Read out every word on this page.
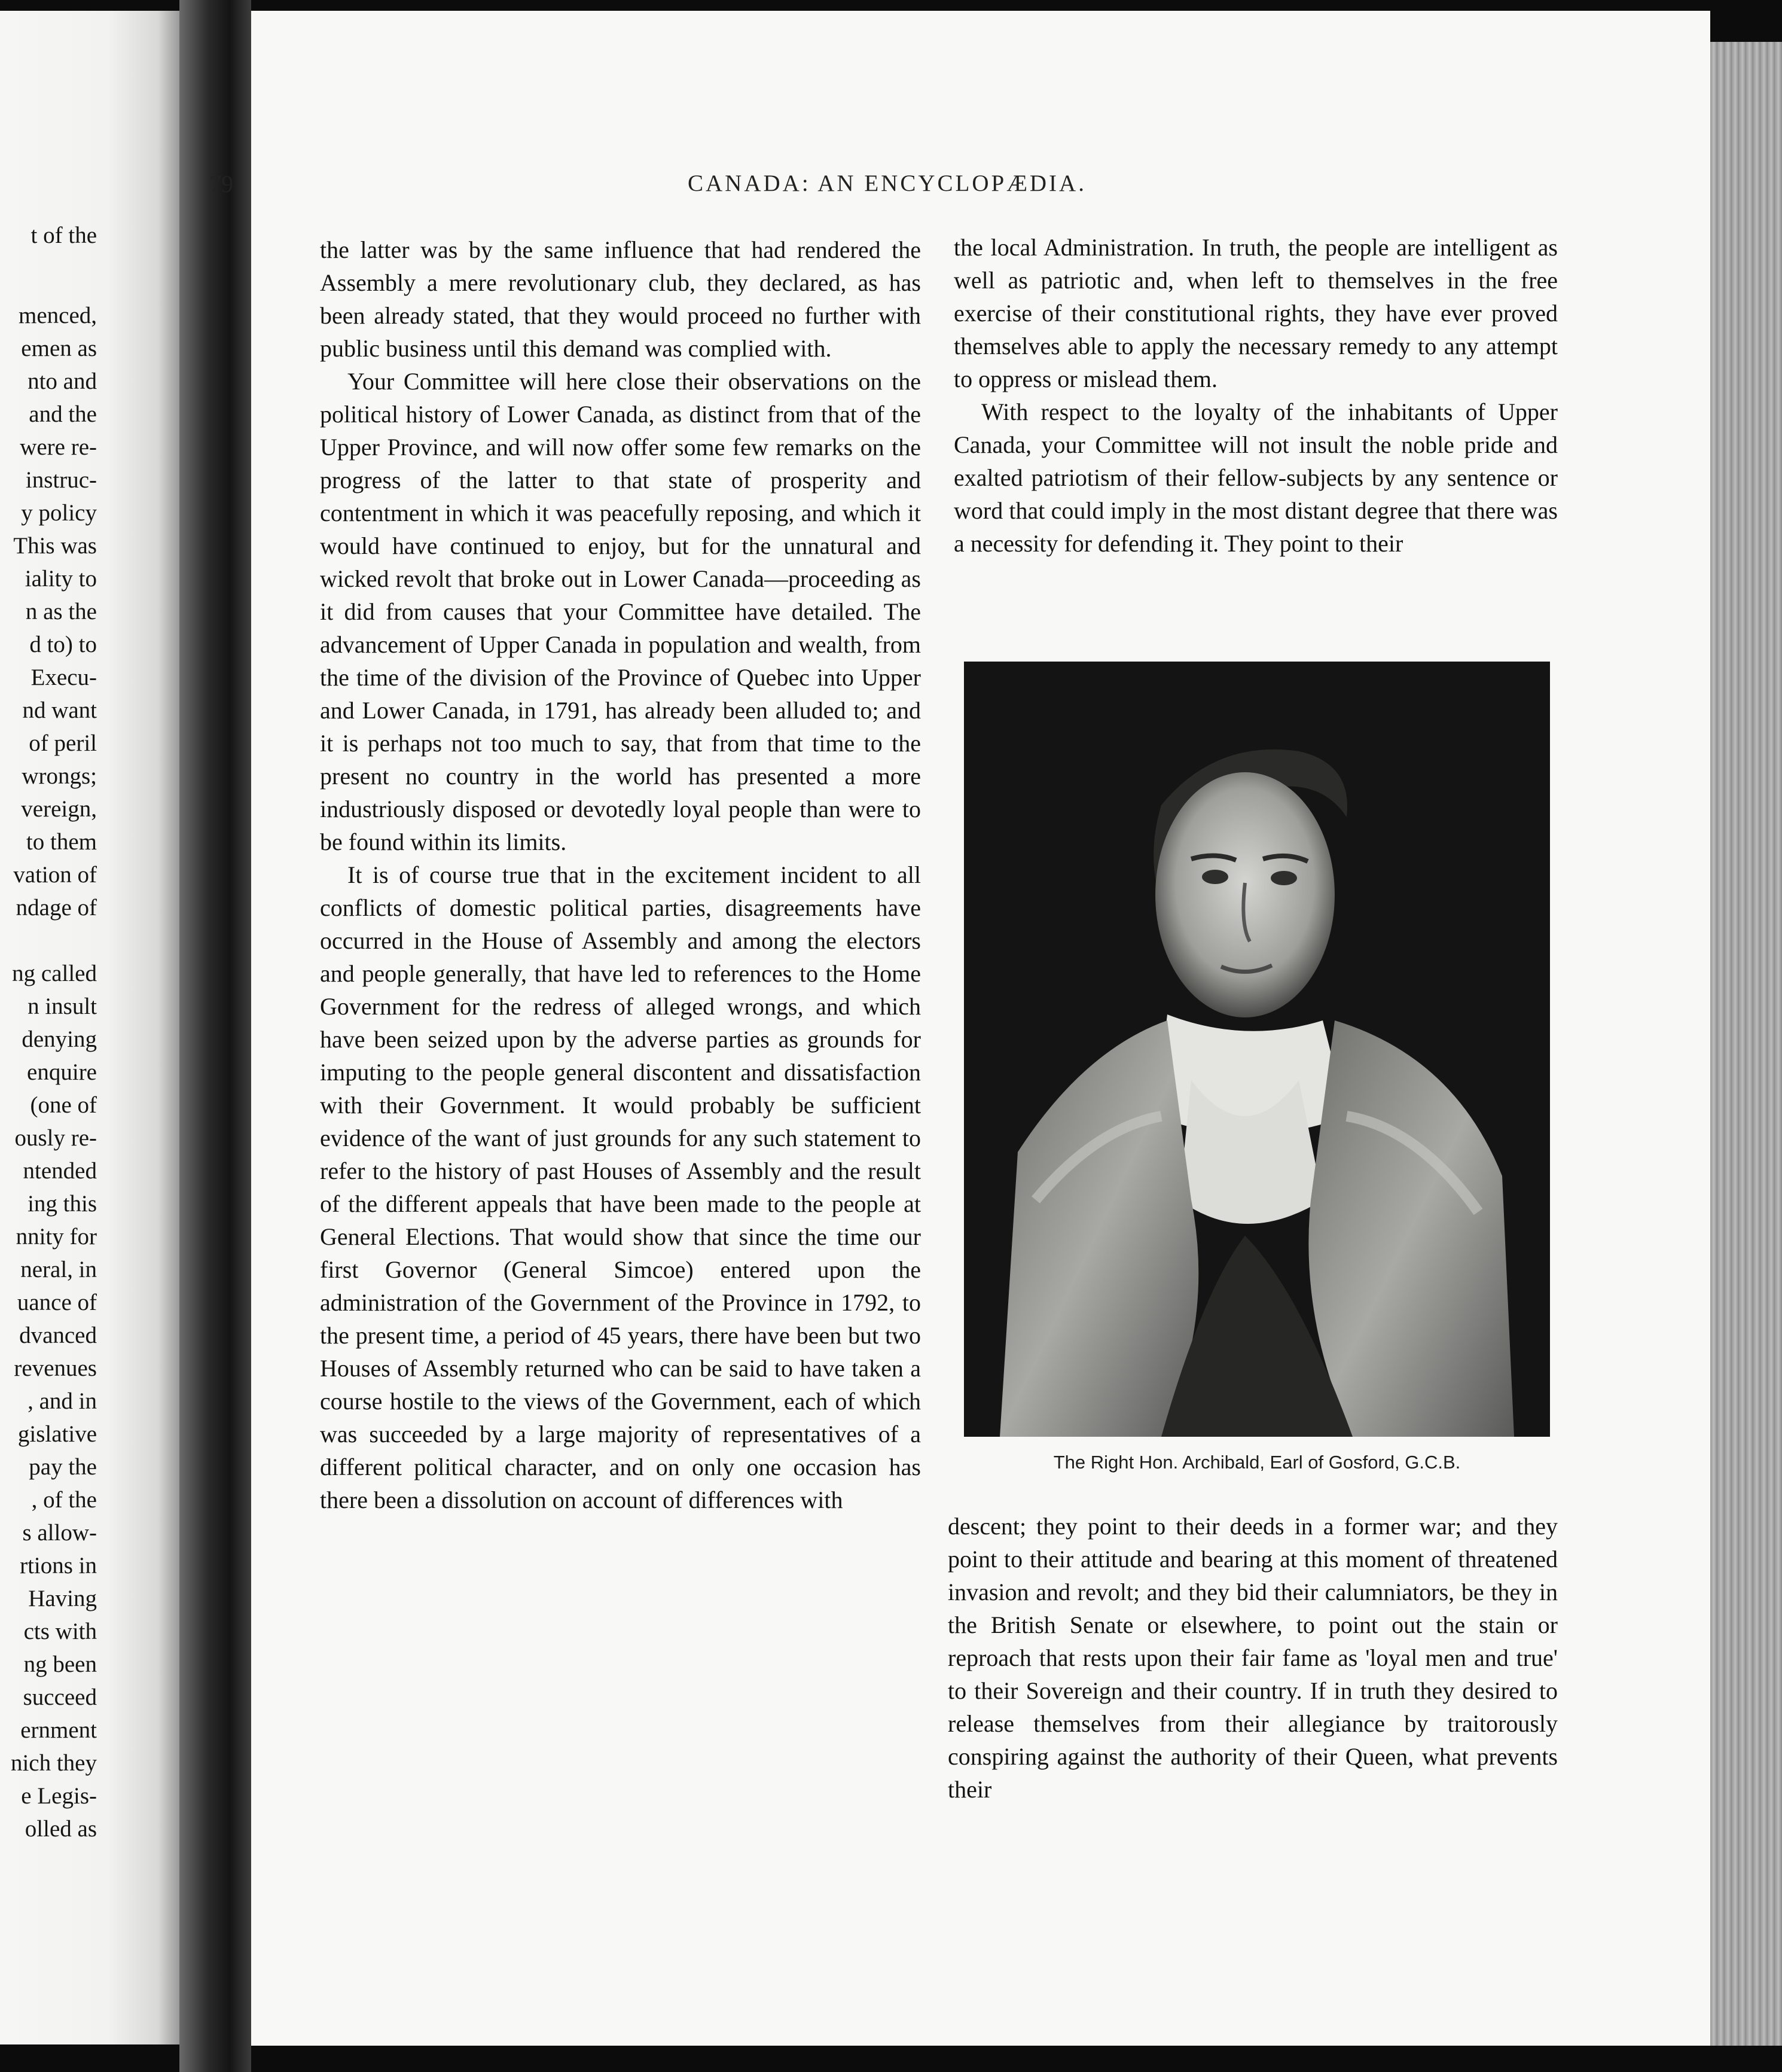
t of the

menced,

emen as

nto and

and the

were re-

instruc-

y policy

This was

iality to

n as the

d to) to

Execu-

nd want

of peril

wrongs;

vereign,

to them

vation of

ndage of

ng called

n insult

denying

enquire

(one of

ously re-

ntended

ing this

nnity for

neral, in

uance of

dvanced

revenues

, and in

gislative

pay the

, of the

s allow-

rtions in

Having

cts with

ng been

succeed

ernment

nich they

e Legis-

olled as

CANADA: AN ENCYCLOPÆDIA.

79

the latter was by the same influence that had rendered the Assembly a mere revolutionary club, they declared, as has been already stated, that they would proceed no further with public business until this demand was complied with.

Your Committee will here close their observations on the political history of Lower Canada, as distinct from that of the Upper Province, and will now offer some few remarks on the progress of the latter to that state of prosperity and contentment in which it was peacefully reposing, and which it would have continued to enjoy, but for the unnatural and wicked revolt that broke out in Lower Canada—proceeding as it did from causes that your Committee have detailed. The advancement of Upper Canada in population and wealth, from the time of the division of the Province of Quebec into Upper and Lower Canada, in 1791, has already been alluded to; and it is perhaps not too much to say, that from that time to the present no country in the world has presented a more industriously disposed or devotedly loyal people than were to be found within its limits.

It is of course true that in the excitement incident to all conflicts of domestic political parties, disagreements have occurred in the House of Assembly and among the electors and people generally, that have led to references to the Home Government for the redress of alleged wrongs, and which have been seized upon by the adverse parties as grounds for imputing to the people general discontent and dissatisfaction with their Government. It would probably be sufficient evidence of the want of just grounds for any such statement to refer to the history of past Houses of Assembly and the result of the different appeals that have been made to the people at General Elections. That would show that since the time our first Governor (General Simcoe) entered upon the administration of the Government of the Province in 1792, to the present time, a period of 45 years, there have been but two Houses of Assembly returned who can be said to have taken a course hostile to the views of the Government, each of which was succeeded by a large majority of representatives of a different political character, and on only one occasion has there been a dissolution on account of differences with

the local Administration. In truth, the people are intelligent as well as patriotic and, when left to themselves in the free exercise of their constitutional rights, they have ever proved themselves able to apply the necessary remedy to any attempt to oppress or mislead them.

With respect to the loyalty of the inhabitants of Upper Canada, your Committee will not insult the noble pride and exalted patriotism of their fellow-subjects by any sentence or word that could imply in the most distant degree that there was a necessity for defending it. They point to their

The Right Hon. Archibald, Earl of Gosford, G.C.B.

descent; they point to their deeds in a former war; and they point to their attitude and bearing at this moment of threatened invasion and revolt; and they bid their calumniators, be they in the British Senate or elsewhere, to point out the stain or reproach that rests upon their fair fame as 'loyal men and true' to their Sovereign and their country. If in truth they desired to release themselves from their allegiance by traitorously conspiring against the authority of their Queen, what prevents their
